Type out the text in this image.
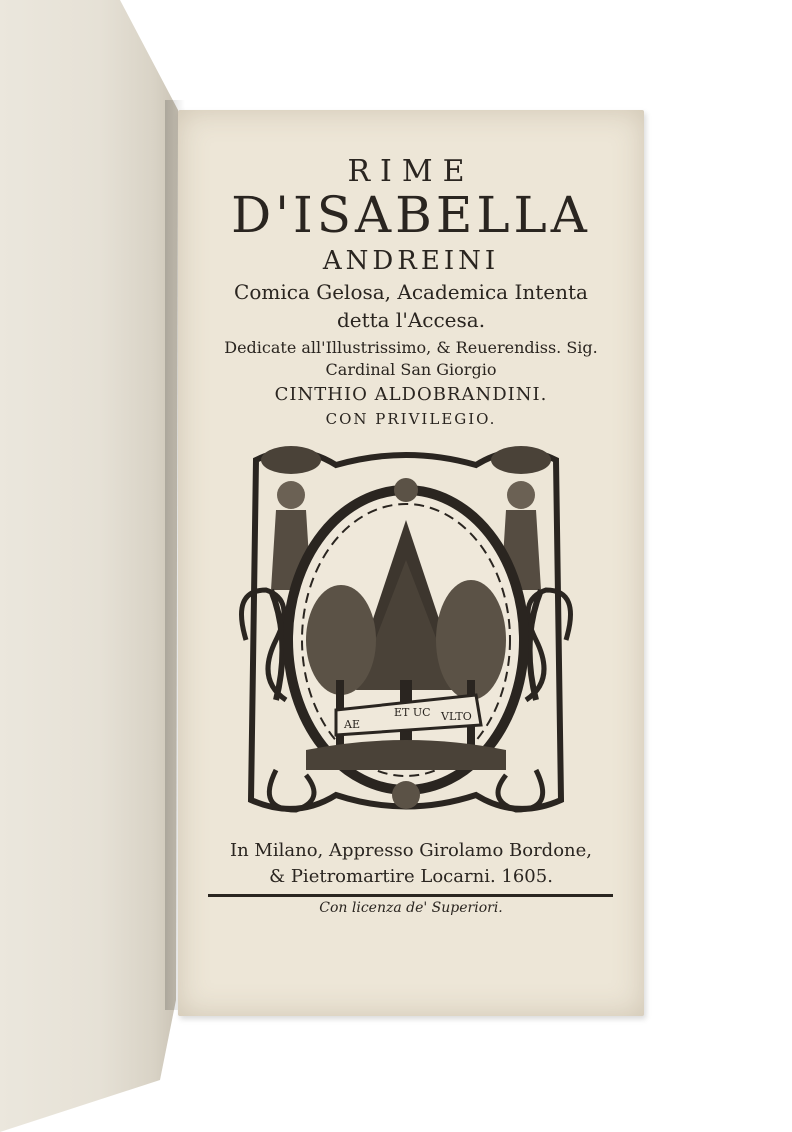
RIME
D'ISABELLA
ANDREINI
Comica Gelosa, Academica Intenta
detta l'Accesa.
Dedicate all'Illustrissimo, & Reuerendiss. Sig.
Cardinal San Giorgio
CINTHIO ALDOBRANDINI.
CON PRIVILEGIO.
AE
ET UC VLTO
In Milano, Appresso Girolamo Bordone,
& Pietromartire Locarni. 1605.
Con licenza de' Superiori.
